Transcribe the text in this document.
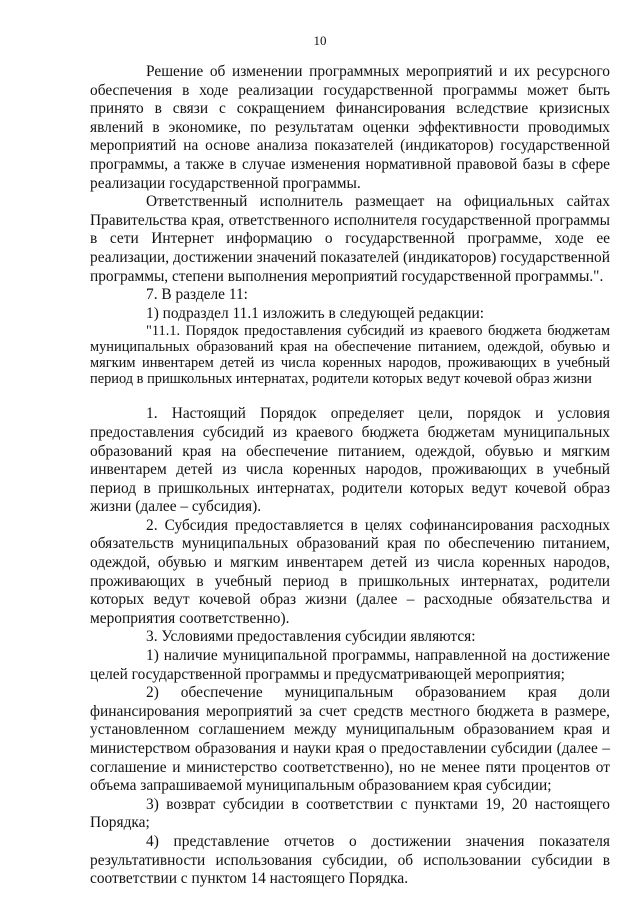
10

Решение об изменении программных мероприятий и их ресурсного обеспечения в ходе реализации государственной программы может быть принято в связи с сокращением финансирования вследствие кризисных явлений в экономике, по результатам оценки эффективности проводимых мероприятий на основе анализа показателей (индикаторов) государственной программы, а также в случае изменения нормативной правовой базы в сфере реализации государственной программы.

Ответственный исполнитель размещает на официальных сайтах Правительства края, ответственного исполнителя государственной программы в сети Интернет информацию о государственной программе, ходе ее реализации, достижении значений показателей (индикаторов) государственной программы, степени выполнения мероприятий государственной программы.".

7. В разделе 11:

1) подраздел 11.1 изложить в следующей редакции:

"11.1. Порядок предоставления субсидий из краевого бюджета бюджетам муниципальных образований края на обеспечение питанием, одеждой, обувью и мягким инвентарем детей из числа коренных народов, проживающих в учебный период в пришкольных интернатах, родители которых ведут кочевой образ жизни

1. Настоящий Порядок определяет цели, порядок и условия предоставления субсидий из краевого бюджета бюджетам муниципальных образований края на обеспечение питанием, одеждой, обувью и мягким инвентарем детей из числа коренных народов, проживающих в учебный период в пришкольных интернатах, родители которых ведут кочевой образ жизни (далее – субсидия).

2. Субсидия предоставляется в целях софинансирования расходных обязательств муниципальных образований края по обеспечению питанием, одеждой, обувью и мягким инвентарем детей из числа коренных народов, проживающих в учебный период в пришкольных интернатах, родители которых ведут кочевой образ жизни (далее – расходные обязательства и мероприятия соответственно).

3. Условиями предоставления субсидии являются:

1) наличие муниципальной программы, направленной на достижение целей государственной программы и предусматривающей мероприятия;

2) обеспечение муниципальным образованием края доли финансирования мероприятий за счет средств местного бюджета в размере, установленном соглашением между муниципальным образованием края и министерством образования и науки края о предоставлении субсидии (далее – соглашение и министерство соответственно), но не менее пяти процентов от объема запрашиваемой муниципальным образованием края субсидии;

3) возврат субсидии в соответствии с пунктами 19, 20 настоящего Порядка;

4) представление отчетов о достижении значения показателя результативности использования субсидии, об использовании субсидии в соответствии с пунктом 14 настоящего Порядка.
